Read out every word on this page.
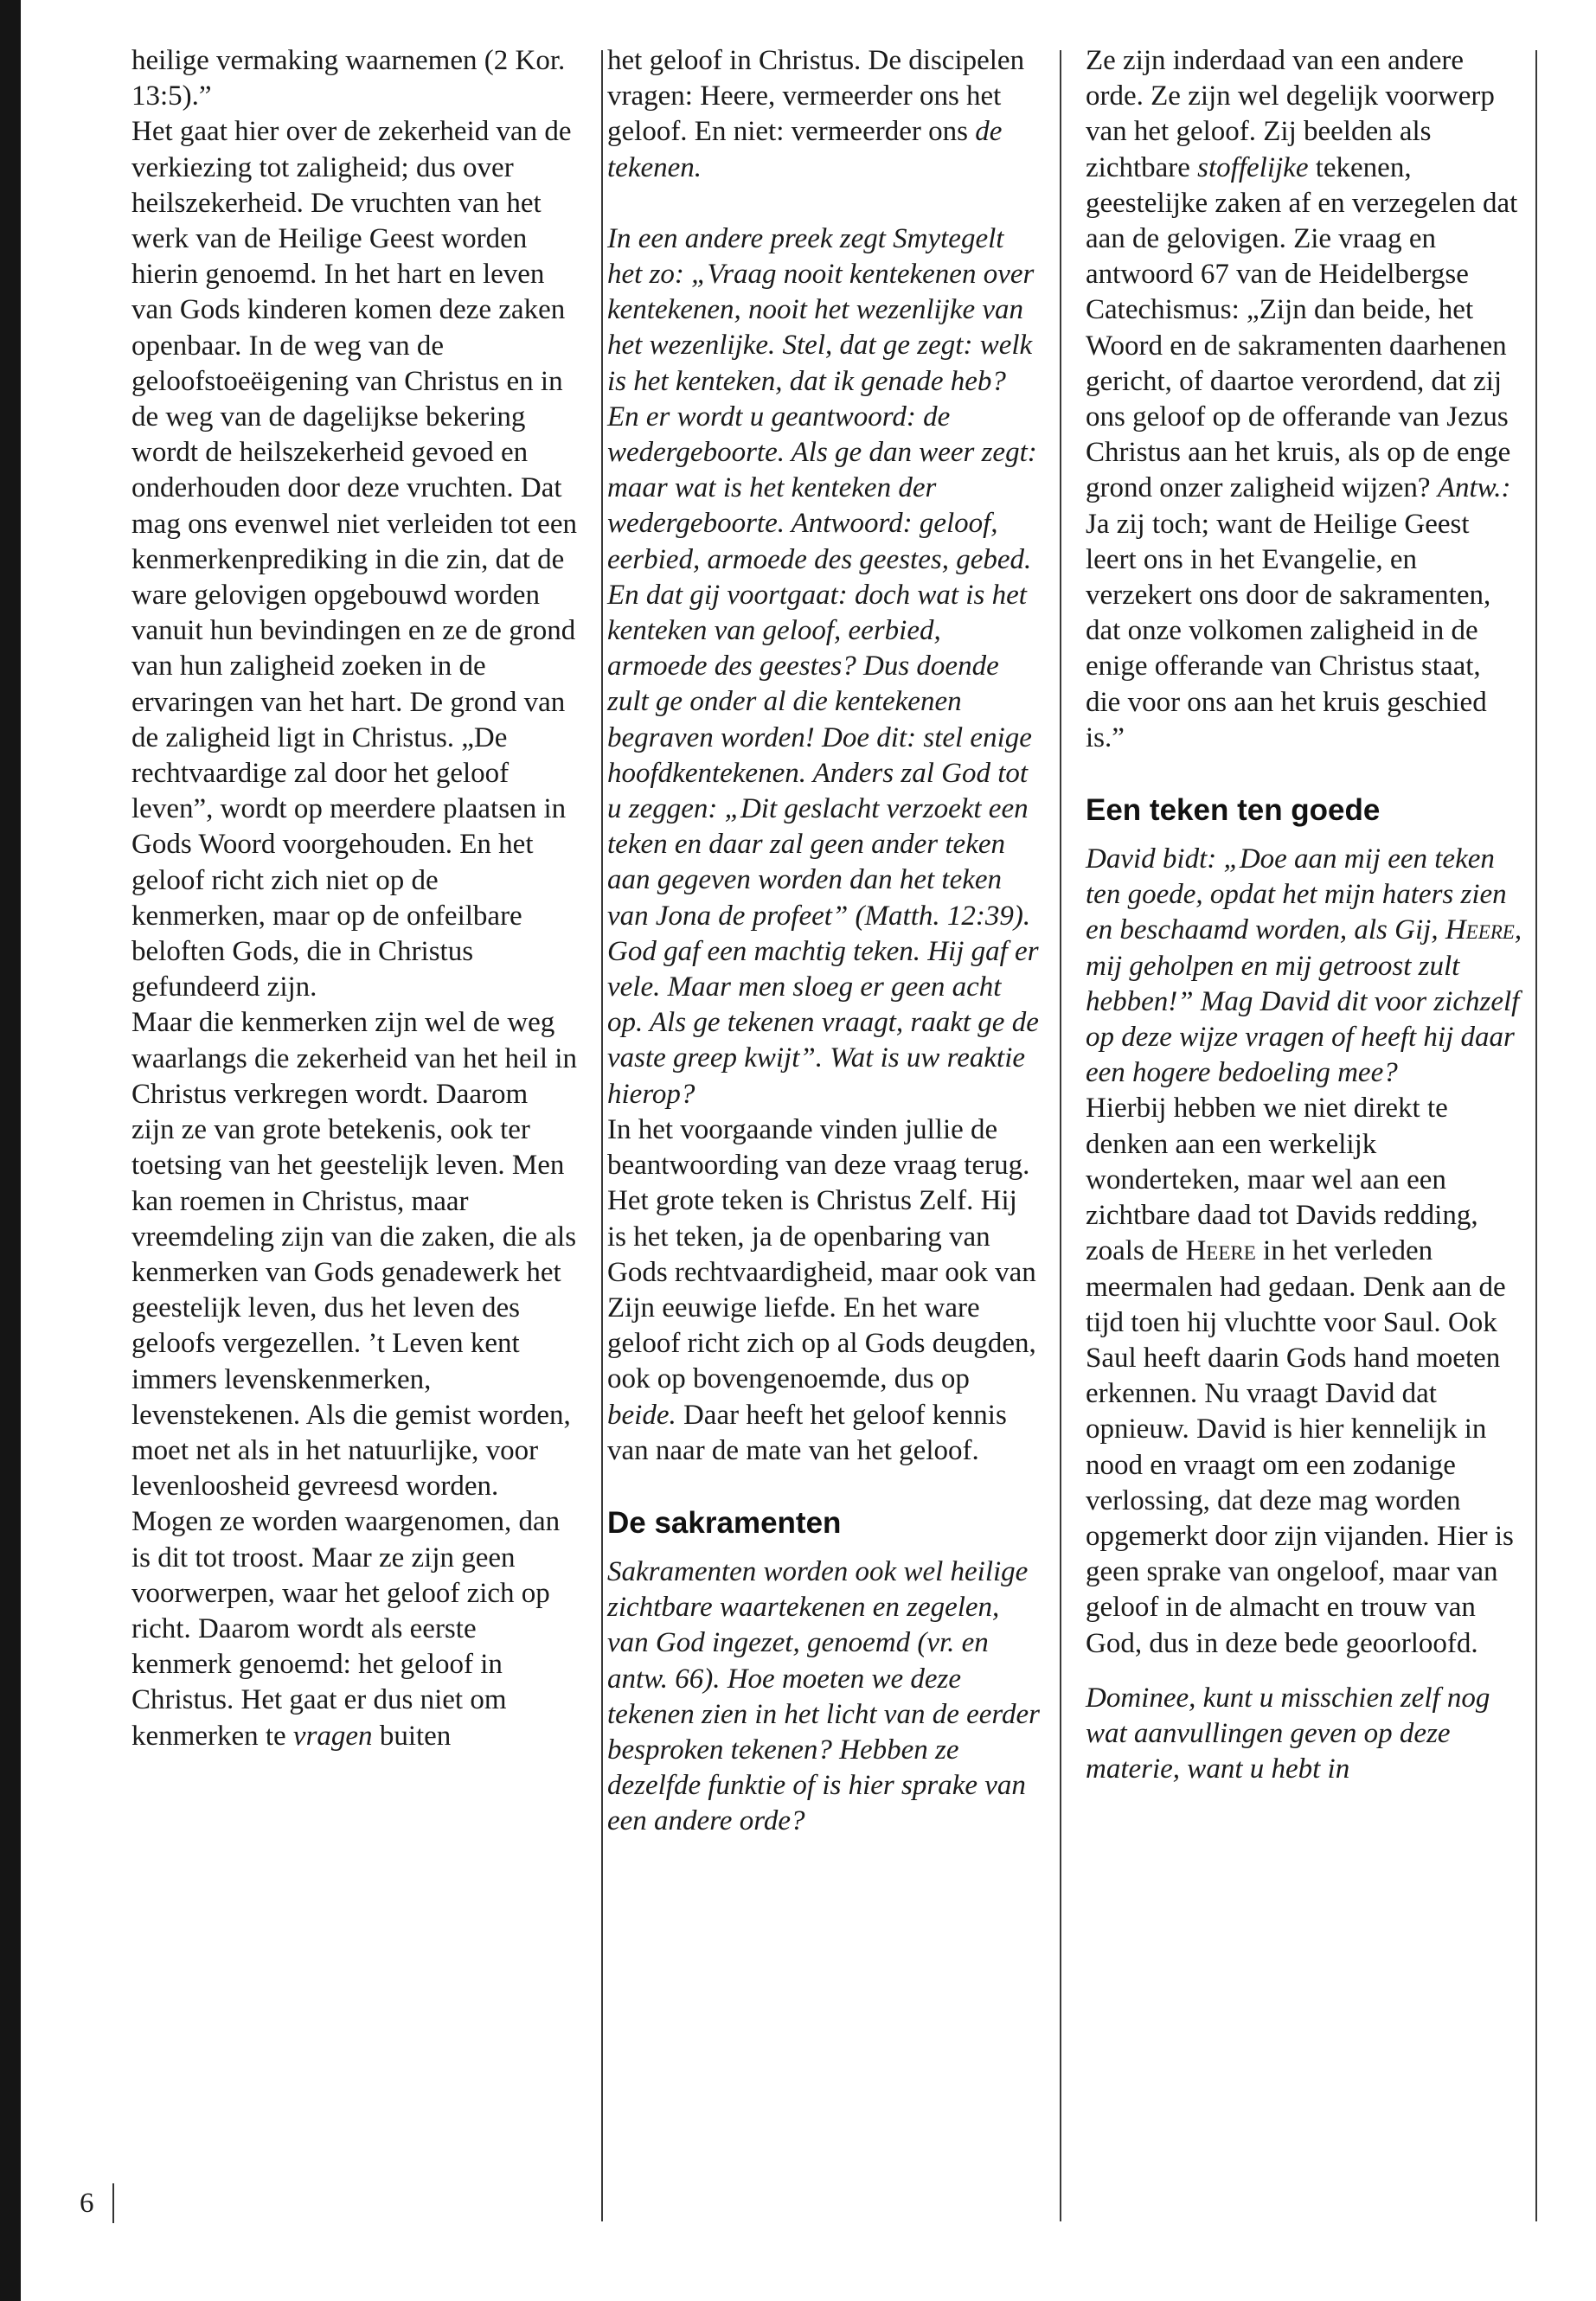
heilige vermaking waarnemen (2 Kor. 13:5).”

Het gaat hier over de zekerheid van de verkiezing tot zaligheid; dus over heilszekerheid. De vruchten van het werk van de Heilige Geest worden hierin genoemd. In het hart en leven van Gods kinderen komen deze zaken openbaar. In de weg van de geloofstoeëigening van Christus en in de weg van de dagelijkse bekering wordt de heilszekerheid gevoed en onderhouden door deze vruchten. Dat mag ons evenwel niet verleiden tot een kenmerkenprediking in die zin, dat de ware gelovigen opgebouwd worden vanuit hun bevindingen en ze de grond van hun zaligheid zoeken in de ervaringen van het hart. De grond van de zaligheid ligt in Christus. „De rechtvaardige zal door het geloof leven”, wordt op meerdere plaatsen in Gods Woord voorgehouden. En het geloof richt zich niet op de kenmerken, maar op de onfeilbare beloften Gods, die in Christus gefundeerd zijn.

Maar die kenmerken zijn wel de weg waarlangs die zekerheid van het heil in Christus verkregen wordt. Daarom zijn ze van grote betekenis, ook ter toetsing van het geestelijk leven. Men kan roemen in Christus, maar vreemdeling zijn van die zaken, die als kenmerken van Gods genadewerk het geestelijk leven, dus het leven des geloofs vergezellen. ’t Leven kent immers levenskenmerken, levenstekenen. Als die gemist worden, moet net als in het natuurlijke, voor levenloosheid gevreesd worden. Mogen ze worden waargenomen, dan is dit tot troost. Maar ze zijn geen voorwerpen, waar het geloof zich op richt. Daarom wordt als eerste kenmerk genoemd: het geloof in Christus. Het gaat er dus niet om kenmerken te vragen buiten

het geloof in Christus. De discipelen vragen: Heere, vermeerder ons het geloof. En niet: vermeerder ons de tekenen.

In een andere preek zegt Smytegelt het zo: „Vraag nooit kentekenen over kentekenen, nooit het wezenlijke van het wezenlijke. Stel, dat ge zegt: welk is het kenteken, dat ik genade heb? En er wordt u geantwoord: de wedergeboorte. Als ge dan weer zegt: maar wat is het kenteken der wedergeboorte. Antwoord: geloof, eerbied, armoede des geestes, gebed. En dat gij voortgaat: doch wat is het kenteken van geloof, eerbied, armoede des geestes? Dus doende zult ge onder al die kentekenen begraven worden! Doe dit: stel enige hoofdkentekenen. Anders zal God tot u zeggen: „Dit geslacht verzoekt een teken en daar zal geen ander teken aan gegeven worden dan het teken van Jona de profeet” (Matth. 12:39). God gaf een machtig teken. Hij gaf er vele. Maar men sloeg er geen acht op. Als ge tekenen vraagt, raakt ge de vaste greep kwijt”. Wat is uw reaktie hierop?

In het voorgaande vinden jullie de beantwoording van deze vraag terug. Het grote teken is Christus Zelf. Hij is het teken, ja de openbaring van Gods rechtvaardigheid, maar ook van Zijn eeuwige liefde. En het ware geloof richt zich op al Gods deugden, ook op bovengenoemde, dus op beide. Daar heeft het geloof kennis van naar de mate van het geloof.

De sakramenten

Sakramenten worden ook wel heilige zichtbare waartekenen en zegelen, van God ingezet, genoemd (vr. en antw. 66). Hoe moeten we deze tekenen zien in het licht van de eerder besproken tekenen? Hebben ze dezelfde funktie of is hier sprake van een andere orde?

Ze zijn inderdaad van een andere orde. Ze zijn wel degelijk voorwerp van het geloof. Zij beelden als zichtbare stoffelijke tekenen, geestelijke zaken af en verzegelen dat aan de gelovigen. Zie vraag en antwoord 67 van de Heidelbergse Catechismus: „Zijn dan beide, het Woord en de sakramenten daarhenen gericht, of daartoe verordend, dat zij ons geloof op de offerande van Jezus Christus aan het kruis, als op de enge grond onzer zaligheid wijzen? Antw.: Ja zij toch; want de Heilige Geest leert ons in het Evangelie, en verzekert ons door de sakramenten, dat onze volkomen zaligheid in de enige offerande van Christus staat, die voor ons aan het kruis geschied is.”

Een teken ten goede

David bidt: „Doe aan mij een teken ten goede, opdat het mijn haters zien en beschaamd worden, als Gij, Heere, mij geholpen en mij getroost zult hebben!” Mag David dit voor zichzelf op deze wijze vragen of heeft hij daar een hogere bedoeling mee?

Hierbij hebben we niet direkt te denken aan een werkelijk wonderteken, maar wel aan een zichtbare daad tot Davids redding, zoals de Heere in het verleden meermalen had gedaan. Denk aan de tijd toen hij vluchtte voor Saul. Ook Saul heeft daarin Gods hand moeten erkennen. Nu vraagt David dat opnieuw. David is hier kennelijk in nood en vraagt om een zodanige verlossing, dat deze mag worden opgemerkt door zijn vijanden. Hier is geen sprake van ongeloof, maar van geloof in de almacht en trouw van God, dus in deze bede geoorloofd.

Dominee, kunt u misschien zelf nog wat aanvullingen geven op deze materie, want u hebt in

6
